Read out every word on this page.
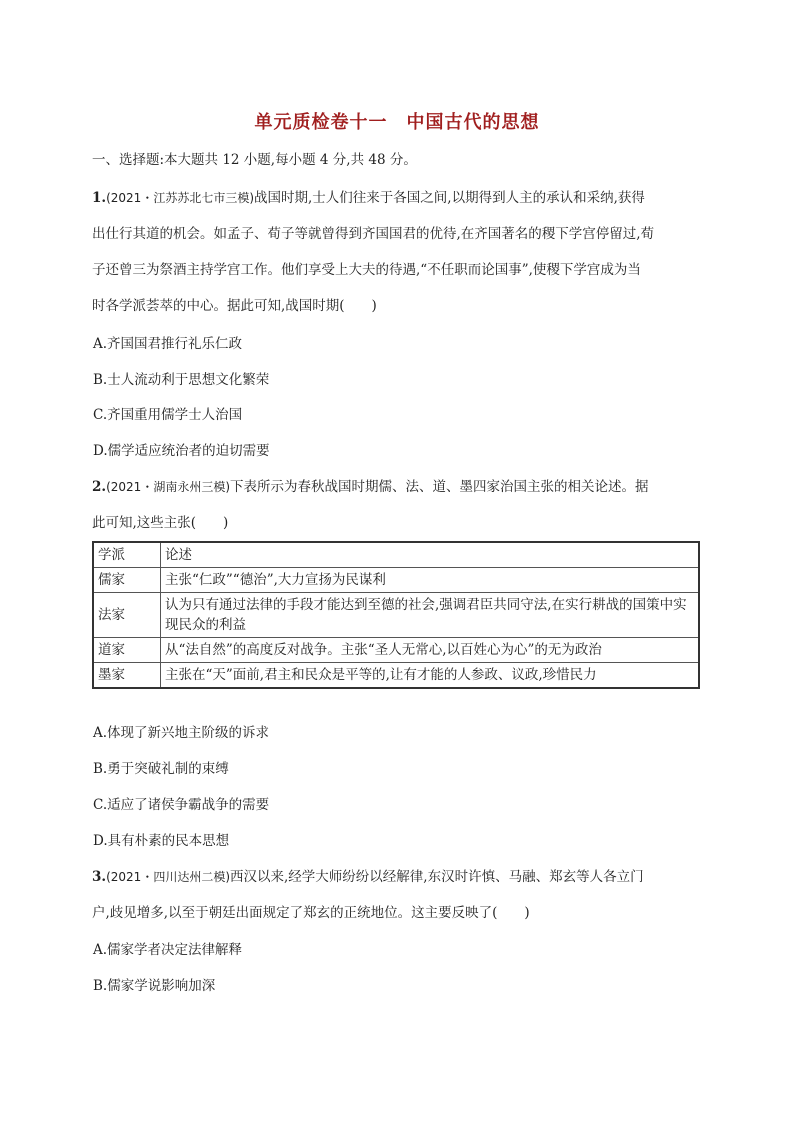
单元质检卷十一　中国古代的思想
一、选择题:本大题共 12 小题,每小题 4 分,共 48 分。
1.(2021・江苏苏北七市三模)战国时期,士人们往来于各国之间,以期得到人主的承认和采纳,获得
出仕行其道的机会。如孟子、荀子等就曾得到齐国国君的优待,在齐国著名的稷下学宫停留过,荀
子还曾三为祭酒主持学宫工作。他们享受上大夫的待遇,“不任职而论国事”,使稷下学宫成为当
时各学派荟萃的中心。据此可知,战国时期(　　)
A.齐国国君推行礼乐仁政
B.士人流动利于思想文化繁荣
C.齐国重用儒学士人治国
D.儒学适应统治者的迫切需要
2.(2021・湖南永州三模)下表所示为春秋战国时期儒、法、道、墨四家治国主张的相关论述。据
此可知,这些主张(　　)
学派	论述
儒家	主张“仁政”“德治”,大力宣扬为民谋利
法家	认为只有通过法律的手段才能达到至德的社会,强调君臣共同守法,在实行耕战的国策中实现民众的利益
道家	从“法自然”的高度反对战争。主张“圣人无常心,以百姓心为心”的无为政治
墨家	主张在“天”面前,君主和民众是平等的,让有才能的人参政、议政,珍惜民力
A.体现了新兴地主阶级的诉求
B.勇于突破礼制的束缚
C.适应了诸侯争霸战争的需要
D.具有朴素的民本思想
3.(2021・四川达州二模)西汉以来,经学大师纷纷以经解律,东汉时许慎、马融、郑玄等人各立门
户,歧见增多,以至于朝廷出面规定了郑玄的正统地位。这主要反映了(　　)
A.儒家学者决定法律解释
B.儒家学说影响加深
